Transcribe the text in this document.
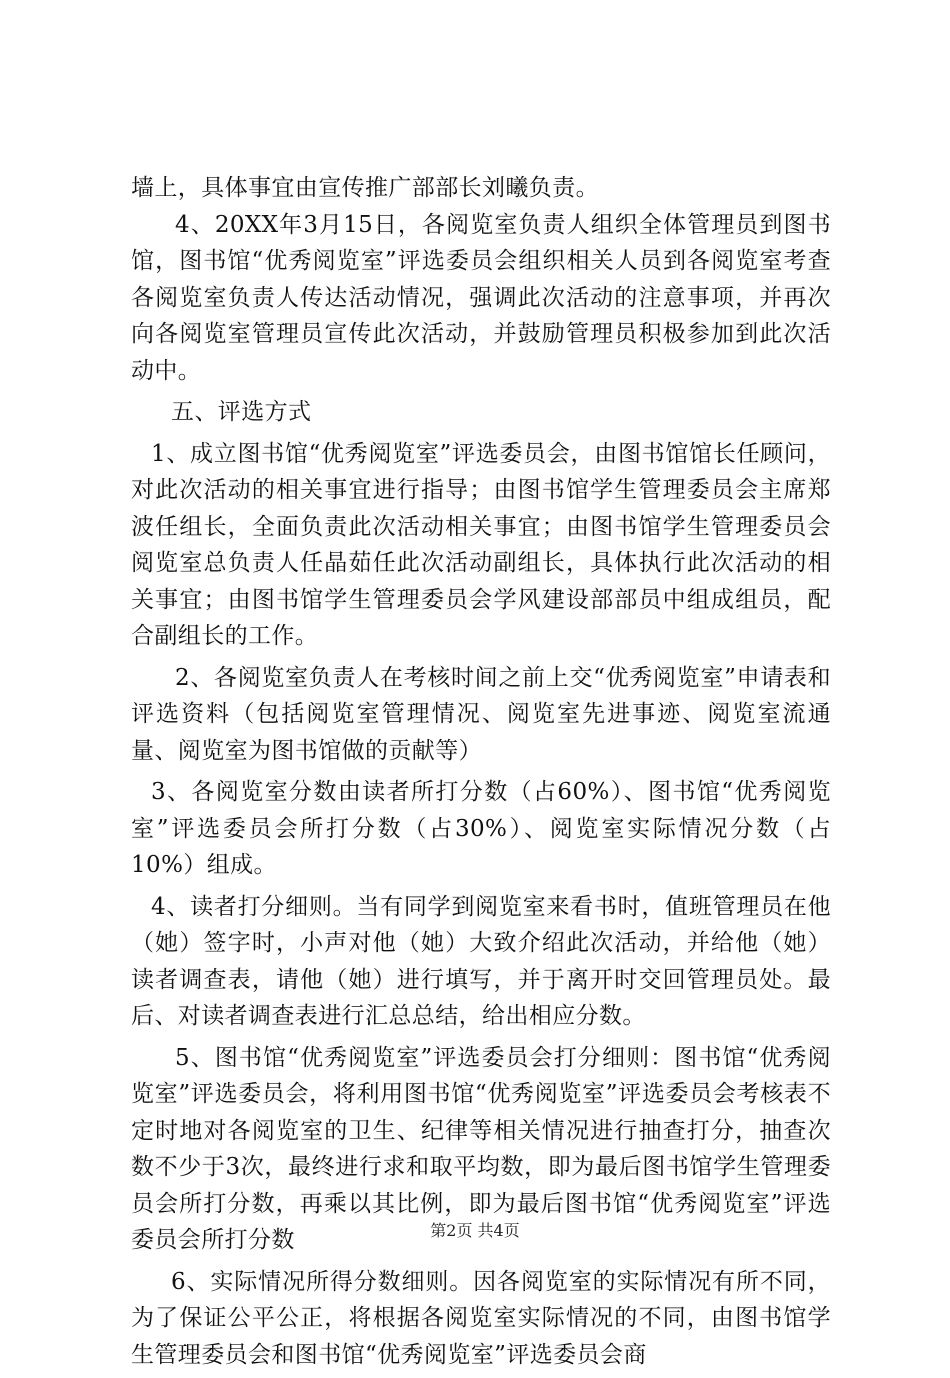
墙上，具体事宜由宣传推广部部长刘曦负责。

4、20XX年3月15日，各阅览室负责人组织全体管理员到图书馆，图书馆“优秀阅览室”评选委员会组织相关人员到各阅览室考查各阅览室负责人传达活动情况，强调此次活动的注意事项，并再次向各阅览室管理员宣传此次活动，并鼓励管理员积极参加到此次活动中。

五、评选方式

1、成立图书馆“优秀阅览室”评选委员会，由图书馆馆长任顾问，对此次活动的相关事宜进行指导；由图书馆学生管理委员会主席郑波任组长，全面负责此次活动相关事宜；由图书馆学生管理委员会阅览室总负责人任晶茹任此次活动副组长，具体执行此次活动的相关事宜；由图书馆学生管理委员会学风建设部部员中组成组员，配合副组长的工作。

2、各阅览室负责人在考核时间之前上交“优秀阅览室”申请表和评选资料（包括阅览室管理情况、阅览室先进事迹、阅览室流通量、阅览室为图书馆做的贡献等）

3、各阅览室分数由读者所打分数（占60%）、图书馆“优秀阅览室”评选委员会所打分数（占30%）、阅览室实际情况分数（占10%）组成。

4、读者打分细则。当有同学到阅览室来看书时，值班管理员在他（她）签字时，小声对他（她）大致介绍此次活动，并给他（她）读者调查表，请他（她）进行填写，并于离开时交回管理员处。最后、对读者调查表进行汇总总结，给出相应分数。

5、图书馆“优秀阅览室”评选委员会打分细则：图书馆“优秀阅览室”评选委员会，将利用图书馆“优秀阅览室”评选委员会考核表不定时地对各阅览室的卫生、纪律等相关情况进行抽查打分，抽查次数不少于3次，最终进行求和取平均数，即为最后图书馆学生管理委员会所打分数，再乘以其比例，即为最后图书馆“优秀阅览室”评选委员会所打分数

6、实际情况所得分数细则。因各阅览室的实际情况有所不同，为了保证公平公正，将根据各阅览室实际情况的不同，由图书馆学生管理委员会和图书馆“优秀阅览室”评选委员会商

第2页 共4页
